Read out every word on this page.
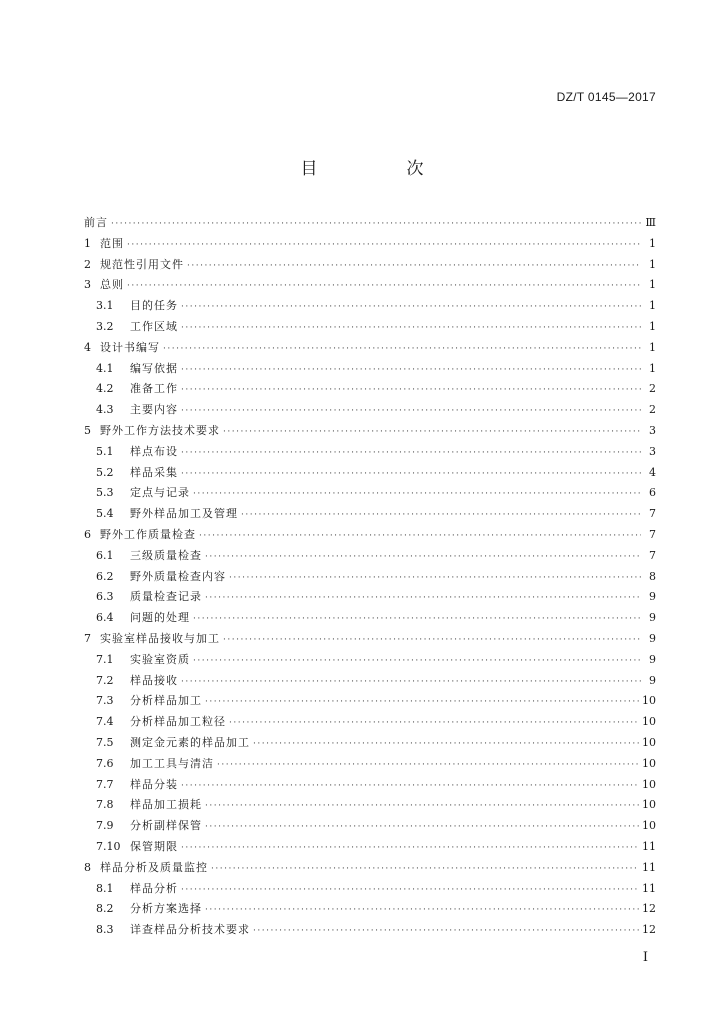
DZ/T 0145—2017
目　次
前言 ·····	Ⅲ
1 范围 ·····	1
2 规范性引用文件 ·····	1
3 总则 ·····	1
3.1	目的任务 ·····	1
3.2	工作区域 ·····	1
4 设计书编写 ·····	1
4.1	编写依据 ·····	1
4.2	准备工作 ·····	2
4.3	主要内容 ·····	2
5 野外工作方法技术要求 ·····	3
5.1	样点布设 ·····	3
5.2	样品采集 ·····	4
5.3	定点与记录 ·····	6
5.4	野外样品加工及管理 ·····	7
6 野外工作质量检查 ·····	7
6.1	三级质量检查 ·····	7
6.2	野外质量检查内容 ·····	8
6.3	质量检查记录 ·····	9
6.4	问题的处理 ·····	9
7 实验室样品接收与加工 ·····	9
7.1	实验室资质 ·····	9
7.2	样品接收 ·····	9
7.3	分析样品加工 ·····	10
7.4	分析样品加工粒径 ·····	10
7.5	测定金元素的样品加工 ·····	10
7.6	加工工具与清洁 ·····	10
7.7	样品分装 ·····	10
7.8	样品加工损耗 ·····	10
7.9	分析副样保管 ·····	10
7.10 保管期限 ·····	11
8 样品分析及质量监控 ·····	11
8.1	样品分析 ·····	11
8.2	分析方案选择 ·····	12
8.3	详查样品分析技术要求 ·····	12
I
